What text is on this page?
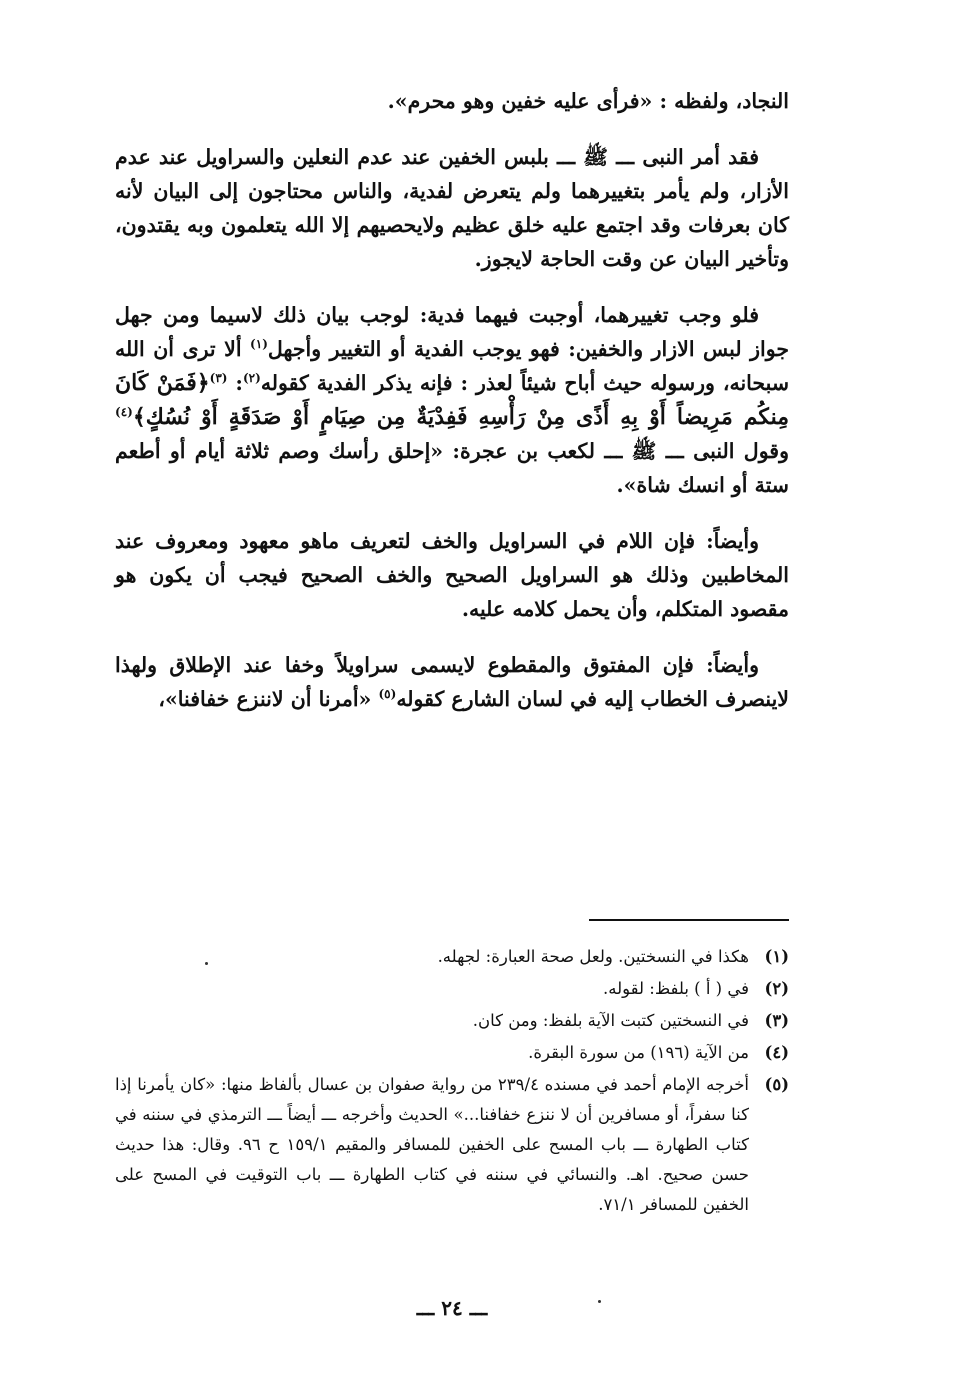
النجاد، ولفظه : «فرأى عليه خفين وهو محرم».

فقد أمر النبى ـــ ﷺ ـــ بلبس الخفين عند عدم النعلين والسراويل عند عدم الأزار، ولم يأمر بتغييرهما ولم يتعرض لفدية، والناس محتاجون إلى البيان لأنه كان بعرفات وقد اجتمع عليه خلق عظيم ولايحصيهم إلا الله يتعلمون وبه يقتدون، وتأخير البيان عن وقت الحاجة لايجوز.

فلو وجب تغييرهما، أوجبت فيهما فدية: لوجب بيان ذلك لاسيما ومن جهل جواز لبس الازار والخفين: فهو يوجب الفدية أو التغيير وأجهل$^{(١)}$ ألا ترى أن الله سبحانه، ورسوله حيث أباح شيئاً لعذر : فإنه يذكر الفدية كقوله$^{(٢)}$: $^{(٣)}$﴿فَمَنْ كَانَ مِنكُم مَرِيضاً أَوْ بِهِ أَذًى مِنْ رَأْسِهِ فَفِدْيَةٌ مِن صِيَامٍ أَوْ صَدَقَةٍ أَوْ نُسُكٍ﴾$^{(٤)}$ وقول النبى ـــ ﷺ ـــ لكعب بن عجرة: «إحلق رأسك وصم ثلاثة أيام أو أطعم ستة أو انسك شاة».

وأيضاً: فإن اللام في السراويل والخف لتعريف ماهو معهود ومعروف عند المخاطبين وذلك هو السراويل الصحيح والخف الصحيح فيجب أن يكون هو مقصود المتكلم، وأن يحمل كلامه عليه.

وأيضاً: فإن المفتوق والمقطوع لايسمى سراويلاً وخفا عند الإطلاق ولهذا لاينصرف الخطاب إليه في لسان الشارع كقوله$^{(٥)}$ «أمرنا أن لاننزع خفافنا»،

(١)
هكذا في النسختين. ولعل صحة العبارة: لجهله.
(٢)
في ( أ ) بلفظ: لقوله.
(٣)
في النسختين كتبت الآية بلفظ: ومن كان.
(٤)
من الآية (١٩٦) من سورة البقرة.
(٥)
أخرجه الإمام أحمد في مسنده ٢٣٩/٤ من رواية صفوان بن عسال بألفاظ منها: «كان يأمرنا إذا كنا سفراً، أو مسافرين أن لا ننزع خفافنا...» الحديث وأخرجه ـــ أيضاً ـــ الترمذي في سننه في كتاب الطهارة ـــ باب المسح على الخفين للمسافر والمقيم ١٥٩/١ ح ٩٦. وقال: هذا حديث حسن صحيح. اهـ. والنسائي في سننه في كتاب الطهارة ـــ باب التوقيت في المسح على الخفين للمسافر ٧١/١.
ـــ ٢٤ ـــ
